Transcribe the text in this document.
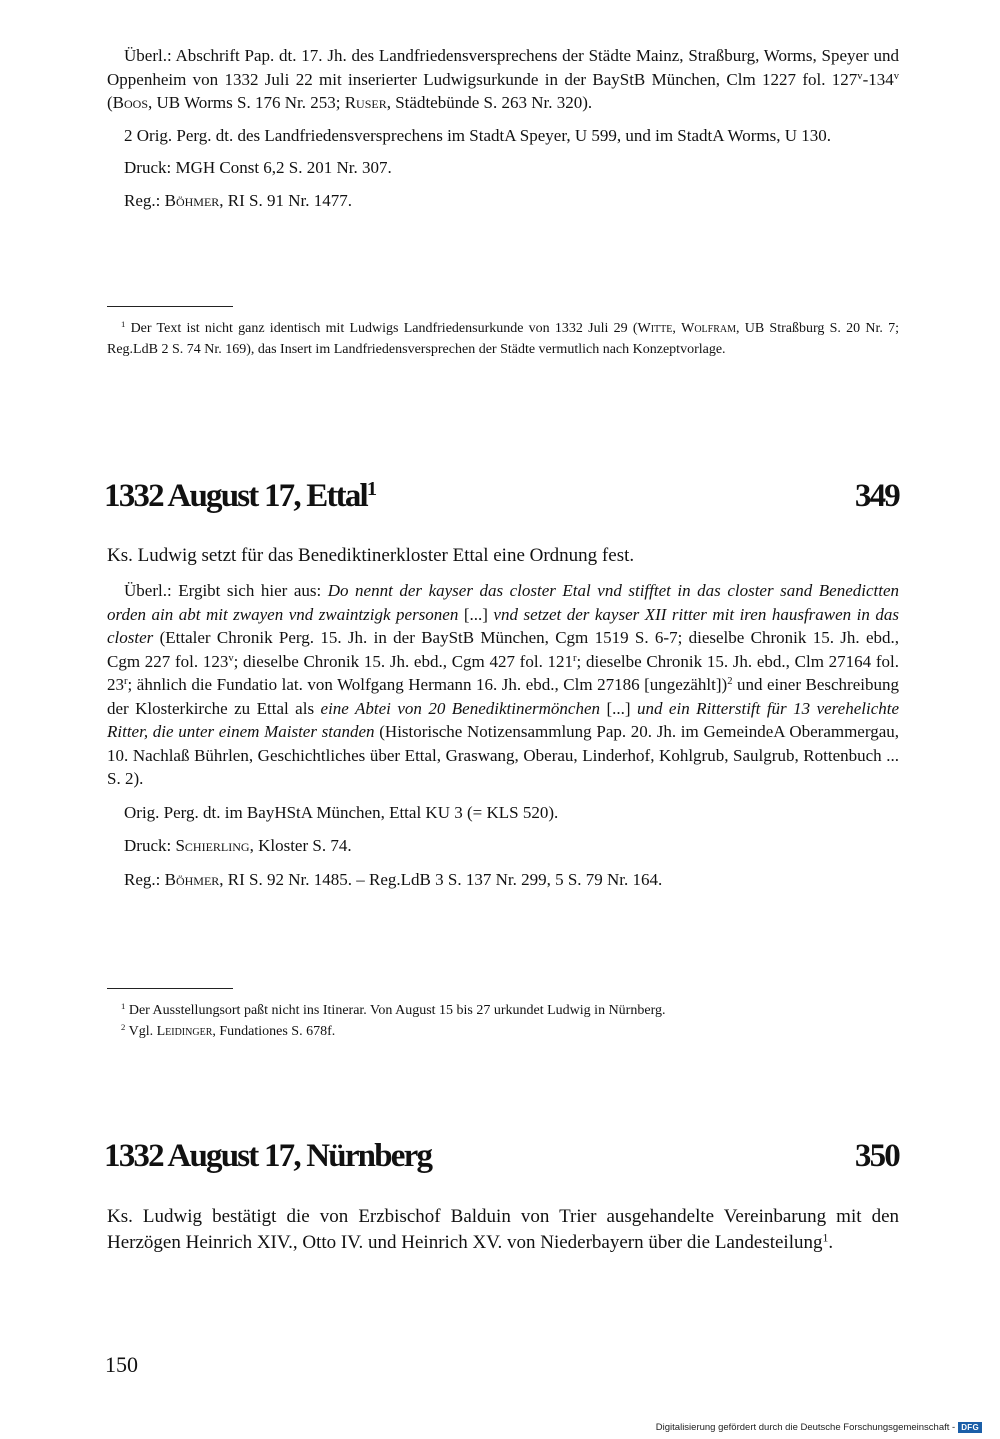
Überl.: Abschrift Pap. dt. 17. Jh. des Landfriedensversprechens der Städte Mainz, Straßburg, Worms, Speyer und Oppenheim von 1332 Juli 22 mit inserierter Ludwigsurkunde in der BayStB München, Clm 1227 fol. 127$^v$-134$^v$ (Boos, UB Worms S. 176 Nr. 253; Ruser, Städtebünde S. 263 Nr. 320).

2 Orig. Perg. dt. des Landfriedensversprechens im StadtA Speyer, U 599, und im StadtA Worms, U 130.

Druck: MGH Const 6,2 S. 201 Nr. 307.

Reg.: Böhmer, RI S. 91 Nr. 1477.

$^1$ Der Text ist nicht ganz identisch mit Ludwigs Landfriedensurkunde von 1332 Juli 29 (Witte, Wolfram, UB Straßburg S. 20 Nr. 7; Reg.LdB 2 S. 74 Nr. 169), das Insert im Landfriedensversprechen der Städte vermutlich nach Konzeptvorlage.

1332 August 17, Ettal$^1$	349

Ks. Ludwig setzt für das Benediktinerkloster Ettal eine Ordnung fest.

Überl.: Ergibt sich hier aus: Do nennt der kayser das closter Etal vnd stifftet in das closter sand Benedictten orden ain abt mit zwayen vnd zwaintzigk personen [...] vnd setzet der kayser XII ritter mit iren hausfrawen in das closter (Ettaler Chronik Perg. 15. Jh. in der BayStB München, Cgm 1519 S. 6-7; dieselbe Chronik 15. Jh. ebd., Cgm 227 fol. 123$^v$; dieselbe Chronik 15. Jh. ebd., Cgm 427 fol. 121$^r$; dieselbe Chronik 15. Jh. ebd., Clm 27164 fol. 23$^r$; ähnlich die Fundatio lat. von Wolfgang Hermann 16. Jh. ebd., Clm 27186 [ungezählt])$^2$ und einer Beschreibung der Klosterkirche zu Ettal als eine Abtei von 20 Benediktinermönchen [...] und ein Ritterstift für 13 verehelichte Ritter, die unter einem Maister standen (Historische Notizensammlung Pap. 20. Jh. im GemeindeA Oberammergau, 10. Nachlaß Bührlen, Geschichtliches über Ettal, Graswang, Oberau, Linderhof, Kohlgrub, Saulgrub, Rottenbuch ... S. 2).

Orig. Perg. dt. im BayHStA München, Ettal KU 3 (= KLS 520).

Druck: Schierling, Kloster S. 74.

Reg.: Böhmer, RI S. 92 Nr. 1485. – Reg.LdB 3 S. 137 Nr. 299, 5 S. 79 Nr. 164.

$^1$ Der Ausstellungsort paßt nicht ins Itinerar. Von August 15 bis 27 urkundet Ludwig in Nürnberg.

$^2$ Vgl. Leidinger, Fundationes S. 678f.

1332 August 17, Nürnberg	350

Ks. Ludwig bestätigt die von Erzbischof Balduin von Trier ausgehandelte Vereinbarung mit den Herzögen Heinrich XIV., Otto IV. und Heinrich XV. von Niederbayern über die Landesteilung$^1$.

150
Digitalisierung gefördert durch die Deutsche Forschungsgemeinschaft - DFG
